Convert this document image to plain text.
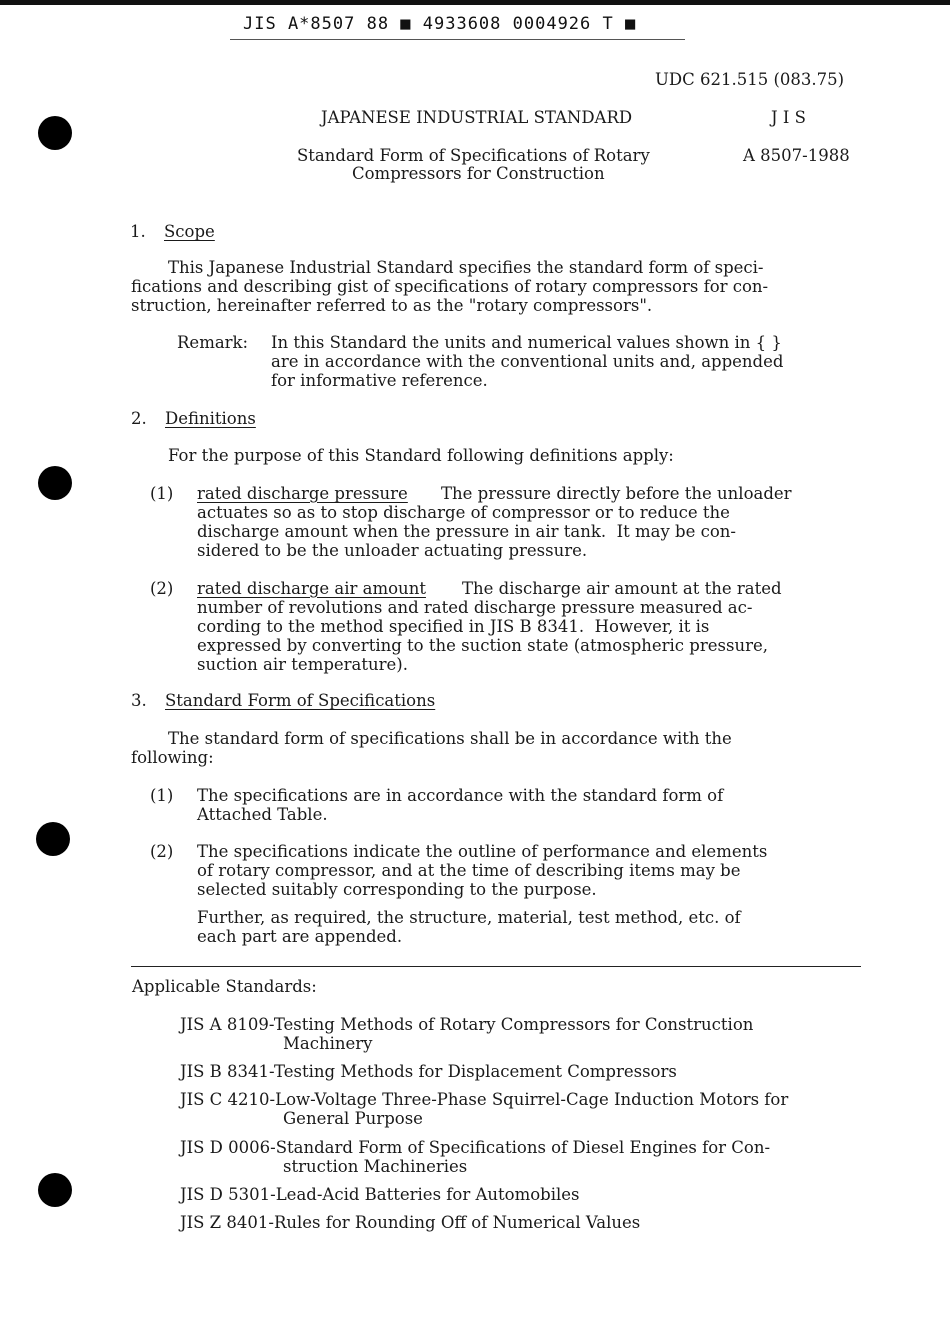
JIS A*8507 88 ■ 4933608 0004926 T ■
UDC 621.515 (083.75)
JAPANESE INDUSTRIAL STANDARD	J I S
Standard Form of Specifications of Rotary
Compressors for Construction
A 8507-1988
1. Scope
This Japanese Industrial Standard specifies the standard form of speci-
fications and describing gist of specifications of rotary compressors for con-
struction, hereinafter referred to as the "rotary compressors".
Remark: In this Standard the units and numerical values shown in { }
are in accordance with the conventional units and, appended
for informative reference.
2. Definitions
For the purpose of this Standard following definitions apply:
(1) rated discharge pressure The pressure directly before the unloader
actuates so as to stop discharge of compressor or to reduce the
discharge amount when the pressure in air tank.  It may be con-
sidered to be the unloader actuating pressure.
(2) rated discharge air amount The discharge air amount at the rated
number of revolutions and rated discharge pressure measured ac-
cording to the method specified in JIS B 8341.  However, it is
expressed by converting to the suction state (atmospheric pressure,
suction air temperature).
3. Standard Form of Specifications
The standard form of specifications shall be in accordance with the
following:
(1) The specifications are in accordance with the standard form of
Attached Table.
(2) The specifications indicate the outline of performance and elements
of rotary compressor, and at the time of describing items may be
selected suitably corresponding to the purpose.
Further, as required, the structure, material, test method, etc. of
each part are appended.
Applicable Standards:
JIS A 8109-Testing Methods of Rotary Compressors for Construction
Machinery
JIS B 8341-Testing Methods for Displacement Compressors
JIS C 4210-Low-Voltage Three-Phase Squirrel-Cage Induction Motors for
General Purpose
JIS D 0006-Standard Form of Specifications of Diesel Engines for Con-
struction Machineries
JIS D 5301-Lead-Acid Batteries for Automobiles
JIS Z 8401-Rules for Rounding Off of Numerical Values
